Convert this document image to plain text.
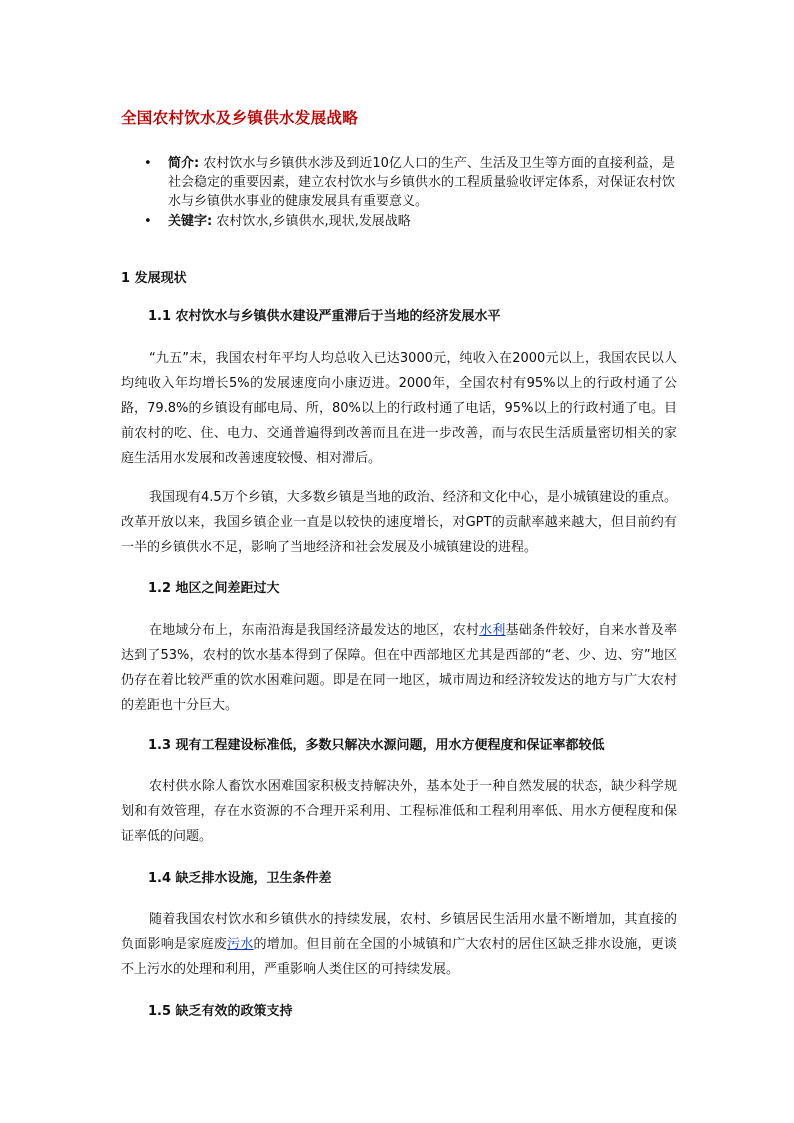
全国农村饮水及乡镇供水发展战略
• 简介: 农村饮水与乡镇供水涉及到近10亿人口的生产、生活及卫生等方面的直接利益，是社会稳定的重要因素，建立农村饮水与乡镇供水的工程质量验收评定体系，对保证农村饮水与乡镇供水事业的健康发展具有重要意义。
• 关键字: 农村饮水,乡镇供水,现状,发展战略
1 发展现状
1.1 农村饮水与乡镇供水建设严重滞后于当地的经济发展水平

“九五”末，我国农村年平均人均总收入已达3000元，纯收入在2000元以上，我国农民以人均纯收入年均增长5%的发展速度向小康迈进。2000年，全国农村有95%以上的行政村通了公路，79.8%的乡镇设有邮电局、所，80%以上的行政村通了电话，95%以上的行政村通了电。目前农村的吃、住、电力、交通普遍得到改善而且在进一步改善，而与农民生活质量密切相关的家庭生活用水发展和改善速度较慢、相对滞后。

我国现有4.5万个乡镇，大多数乡镇是当地的政治、经济和文化中心，是小城镇建设的重点。改革开放以来，我国乡镇企业一直是以较快的速度增长，对GPT的贡献率越来越大，但目前约有一半的乡镇供水不足，影响了当地经济和社会发展及小城镇建设的进程。

1.2 地区之间差距过大

在地域分布上，东南沿海是我国经济最发达的地区，农村水利基础条件较好，自来水普及率达到了53%，农村的饮水基本得到了保障。但在中西部地区尤其是西部的“老、少、边、穷”地区仍存在着比较严重的饮水困难问题。即是在同一地区，城市周边和经济较发达的地方与广大农村的差距也十分巨大。

1.3 现有工程建设标准低，多数只解决水源问题，用水方便程度和保证率都较低

农村供水除人畜饮水困难国家积极支持解决外，基本处于一种自然发展的状态，缺少科学规划和有效管理，存在水资源的不合理开采利用、工程标准低和工程利用率低、用水方便程度和保证率低的问题。

1.4 缺乏排水设施，卫生条件差

随着我国农村饮水和乡镇供水的持续发展，农村、乡镇居民生活用水量不断增加，其直接的负面影响是家庭废污水的增加。但目前在全国的小城镇和广大农村的居住区缺乏排水设施，更谈不上污水的处理和利用，严重影响人类住区的可持续发展。

1.5 缺乏有效的政策支持
